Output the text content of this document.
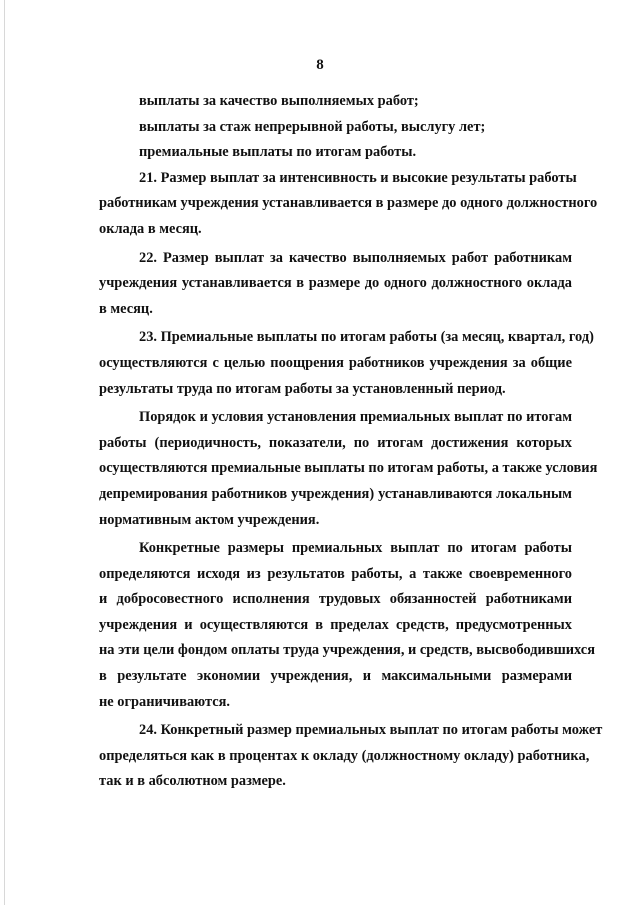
8
выплаты за качество выполняемых работ;
выплаты за стаж непрерывной работы, выслугу лет;
премиальные выплаты по итогам работы.
21. Размер выплат за интенсивность и высокие результаты работы
работникам учреждения устанавливается в размере до одного должностного
оклада в месяц.
22. Размер выплат за качество выполняемых работ работникам
учреждения устанавливается в размере до одного должностного оклада
в месяц.
23. Премиальные выплаты по итогам работы (за месяц, квартал, год)
осуществляются с целью поощрения работников учреждения за общие
результаты труда по итогам работы за установленный период.
Порядок и условия установления премиальных выплат по итогам
работы (периодичность, показатели, по итогам достижения которых
осуществляются премиальные выплаты по итогам работы, а также условия
депремирования работников учреждения) устанавливаются локальным
нормативным актом учреждения.
Конкретные размеры премиальных выплат по итогам работы
определяются исходя из результатов работы, а также своевременного
и добросовестного исполнения трудовых обязанностей работниками
учреждения и осуществляются в пределах средств, предусмотренных
на эти цели фондом оплаты труда учреждения, и средств, высвободившихся
в результате экономии учреждения, и максимальными размерами
не ограничиваются.
24. Конкретный размер премиальных выплат по итогам работы может
определяться как в процентах к окладу (должностному окладу) работника,
так и в абсолютном размере.
